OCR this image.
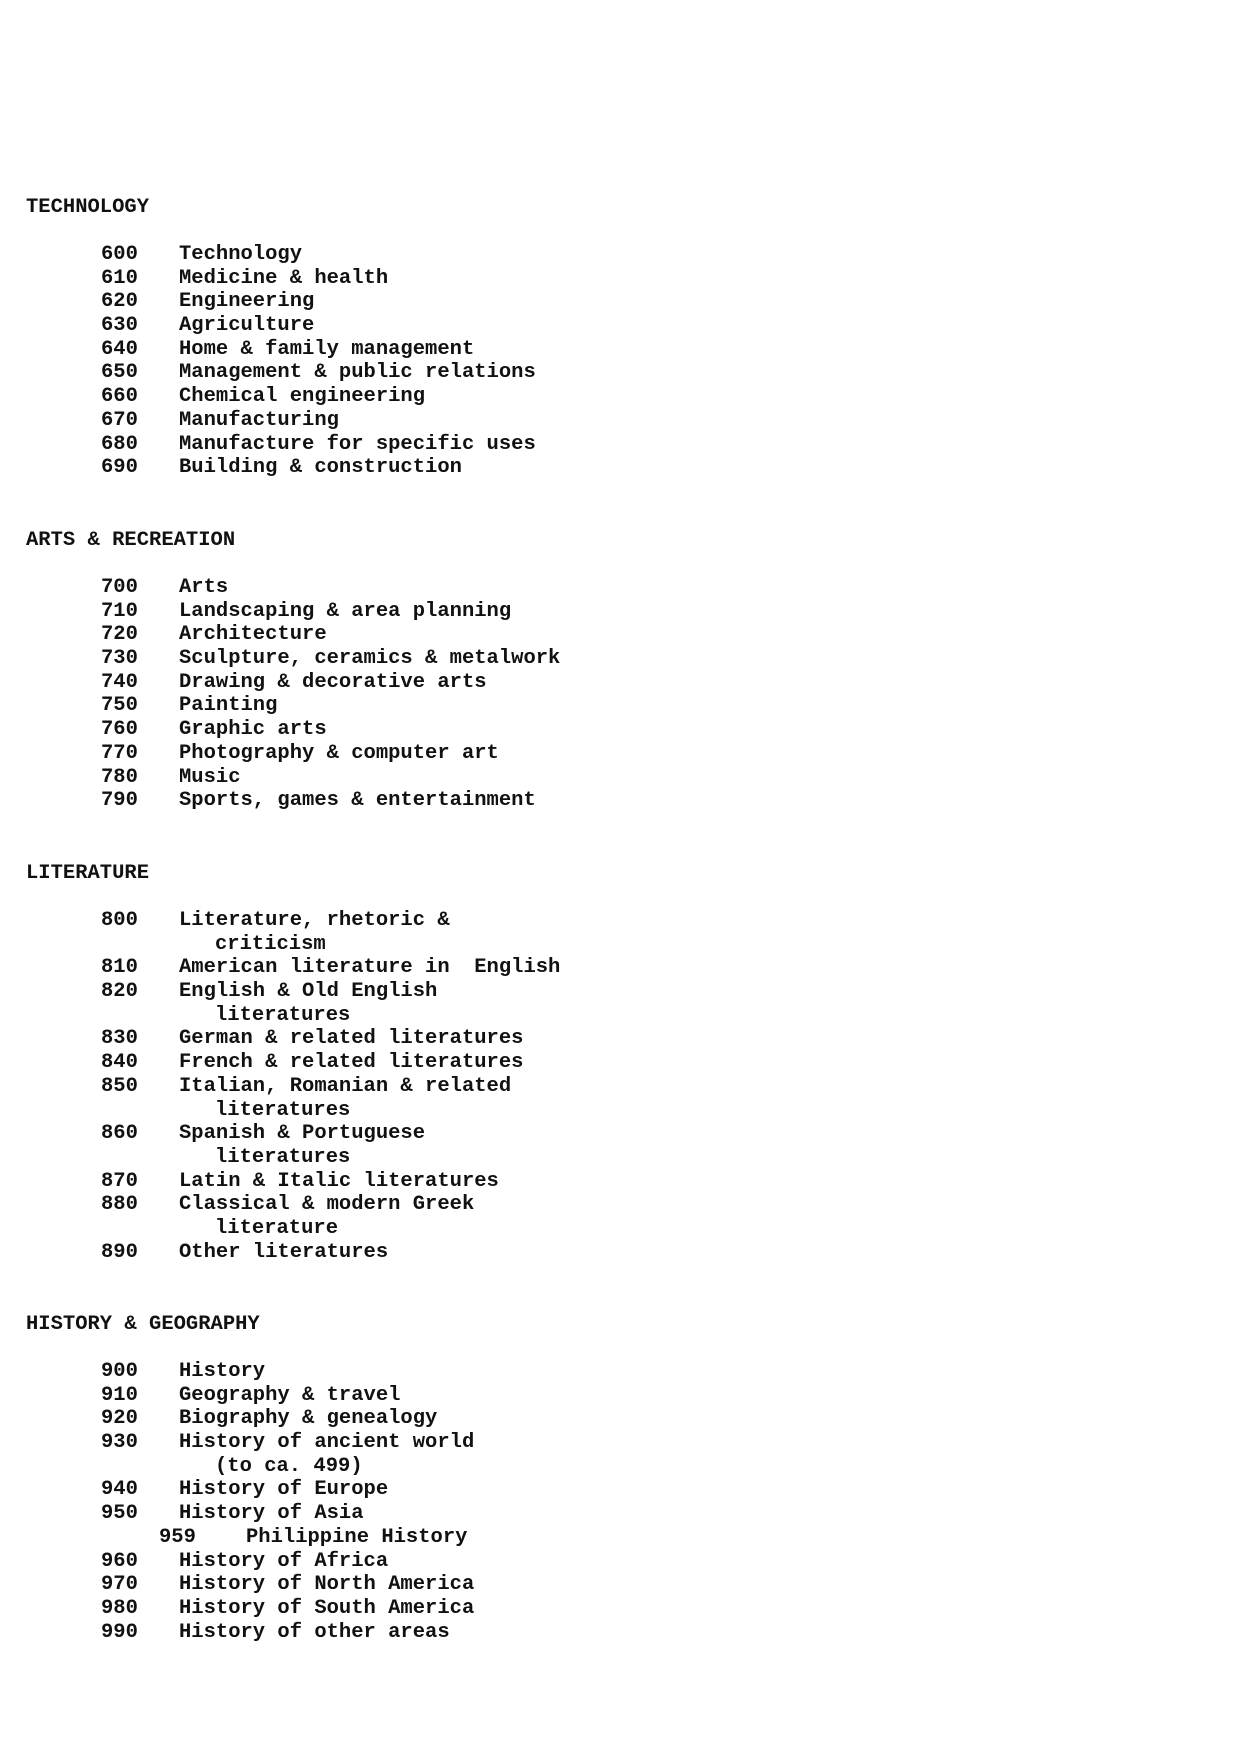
TECHNOLOGY
600 Technology
610 Medicine & health
620 Engineering
630 Agriculture
640 Home & family management
650 Management & public relations
660 Chemical engineering
670 Manufacturing
680 Manufacture for specific uses
690 Building & construction
ARTS & RECREATION
700 Arts
710 Landscaping & area planning
720 Architecture
730 Sculpture, ceramics & metalwork
740 Drawing & decorative arts
750 Painting
760 Graphic arts
770 Photography & computer art
780 Music
790 Sports, games & entertainment
LITERATURE
800 Literature, rhetoric &
criticism
810 American literature in  English
820 English & Old English
literatures
830 German & related literatures
840 French & related literatures
850 Italian, Romanian & related
literatures
860 Spanish & Portuguese
literatures
870 Latin & Italic literatures
880 Classical & modern Greek
literature
890 Other literatures
HISTORY & GEOGRAPHY
900 History
910 Geography & travel
920 Biography & genealogy
930 History of ancient world
(to ca. 499)
940 History of Europe
950 History of Asia
959 Philippine History
960 History of Africa
970 History of North America
980 History of South America
990 History of other areas
